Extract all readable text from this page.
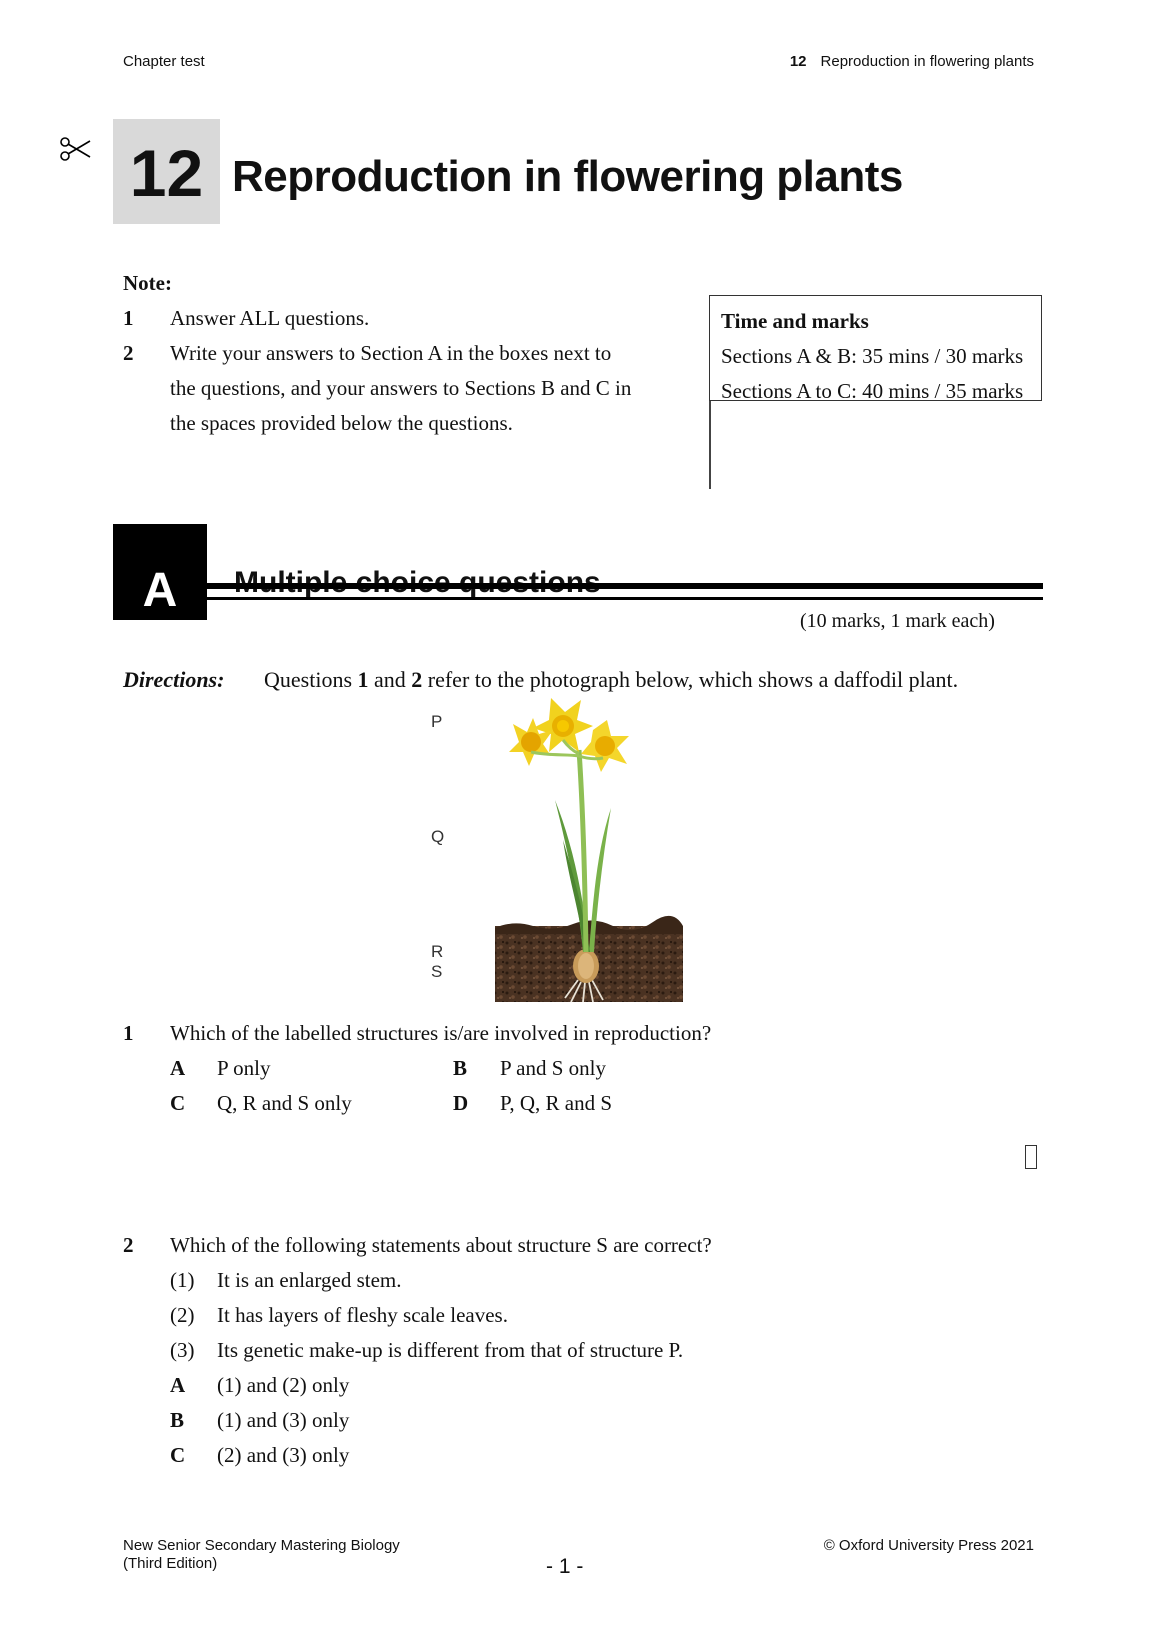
Chapter test	12 Reproduction in flowering plants
12 Reproduction in flowering plants
Note:
1	Answer ALL questions.
2	Write your answers to Section A in the boxes next to
the questions, and your answers to Sections B and C in
the spaces provided below the questions.
Time and marks
Sections A & B: 35 mins / 30 marks
Sections A to C: 40 mins / 35 marks
A
(10 marks, 1 mark each)
Directions: Questions 1 and 2 refer to the photograph below, which shows a daffodil plant.
P
Q
R
S
1	Which of the labelled structures is/are involved in reproduction?
A	P only	B	P and S only
C	Q, R and S only	D	P, Q, R and S
2	Which of the following statements about structure S are correct?
(1)	It is an enlarged stem.
(2)	It has layers of fleshy scale leaves.
(3)	Its genetic make-up is different from that of structure P.
A	(1) and (2) only
B	(1) and (3) only
C	(2) and (3) only
New Senior Secondary Mastering Biology
(Third Edition)	- 1 -
© Oxford University Press 2021
